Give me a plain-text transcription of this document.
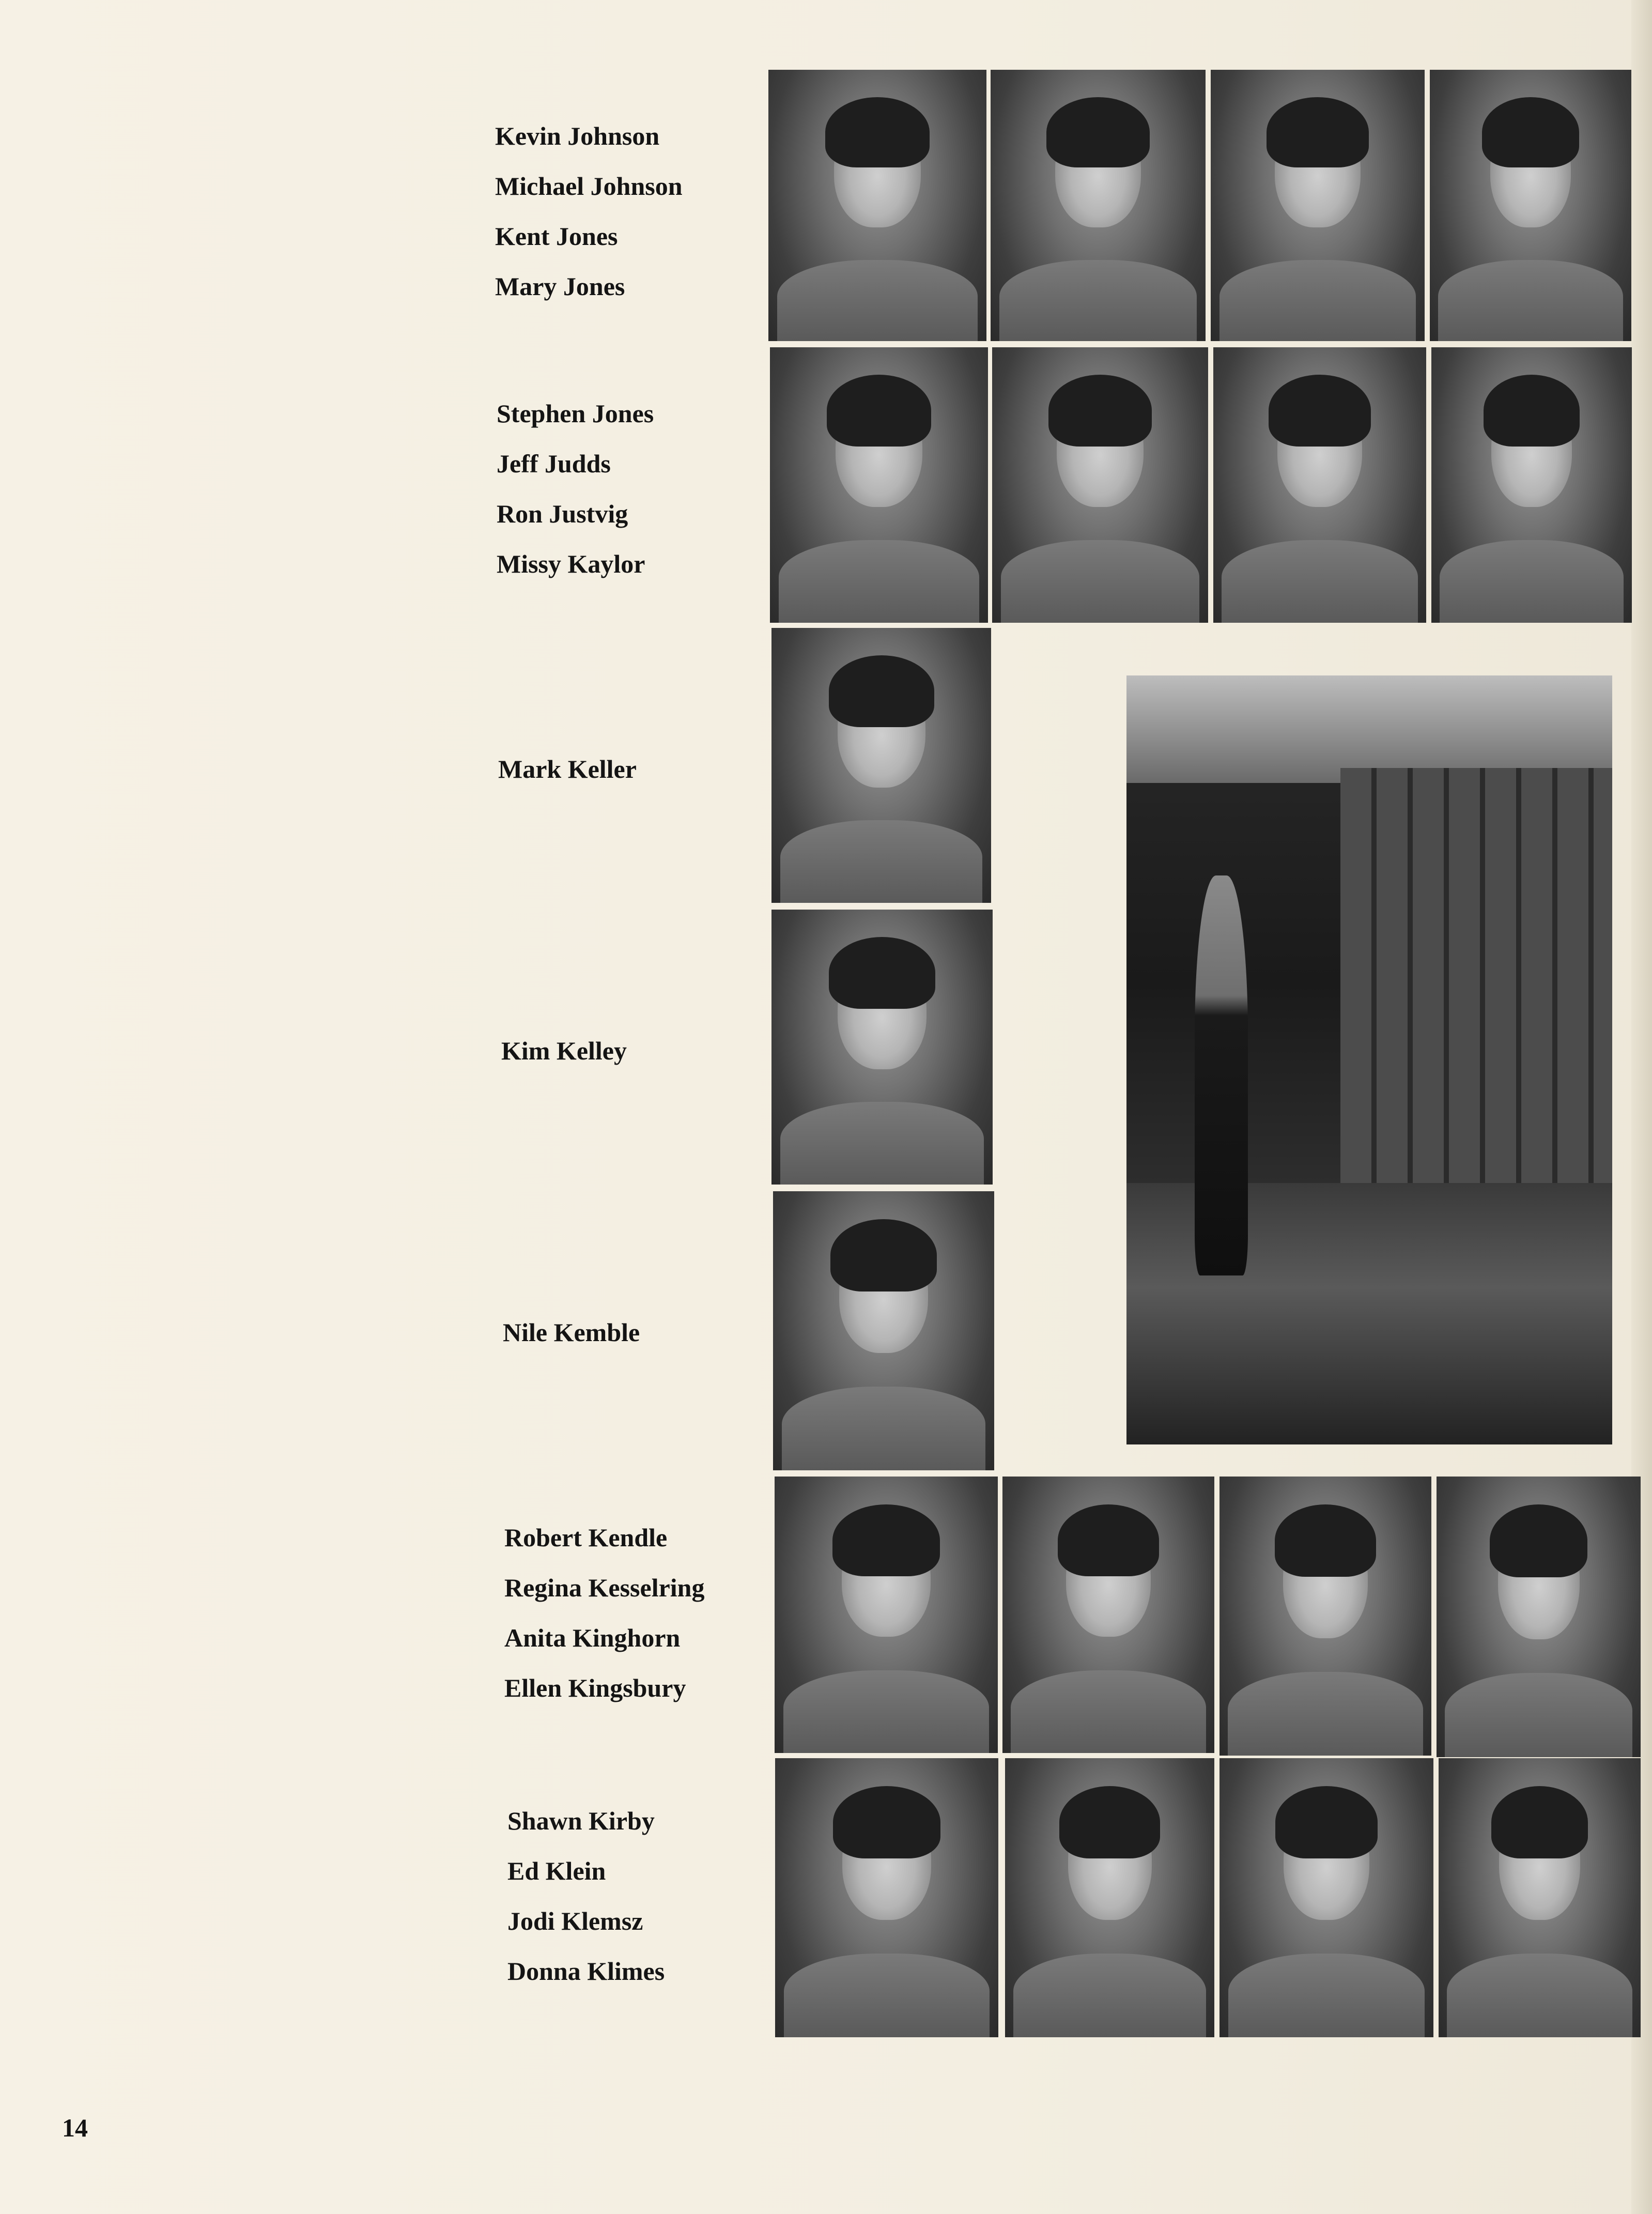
Kevin Johnson
Michael Johnson
Kent Jones
Mary Jones
Stephen Jones
Jeff Judds
Ron Justvig
Missy Kaylor
Mark Keller
Kim Kelley
Nile Kemble
Robert Kendle
Regina Kesselring
Anita Kinghorn
Ellen Kingsbury
Shawn Kirby
Ed Klein
Jodi Klemsz
Donna Klimes
14
